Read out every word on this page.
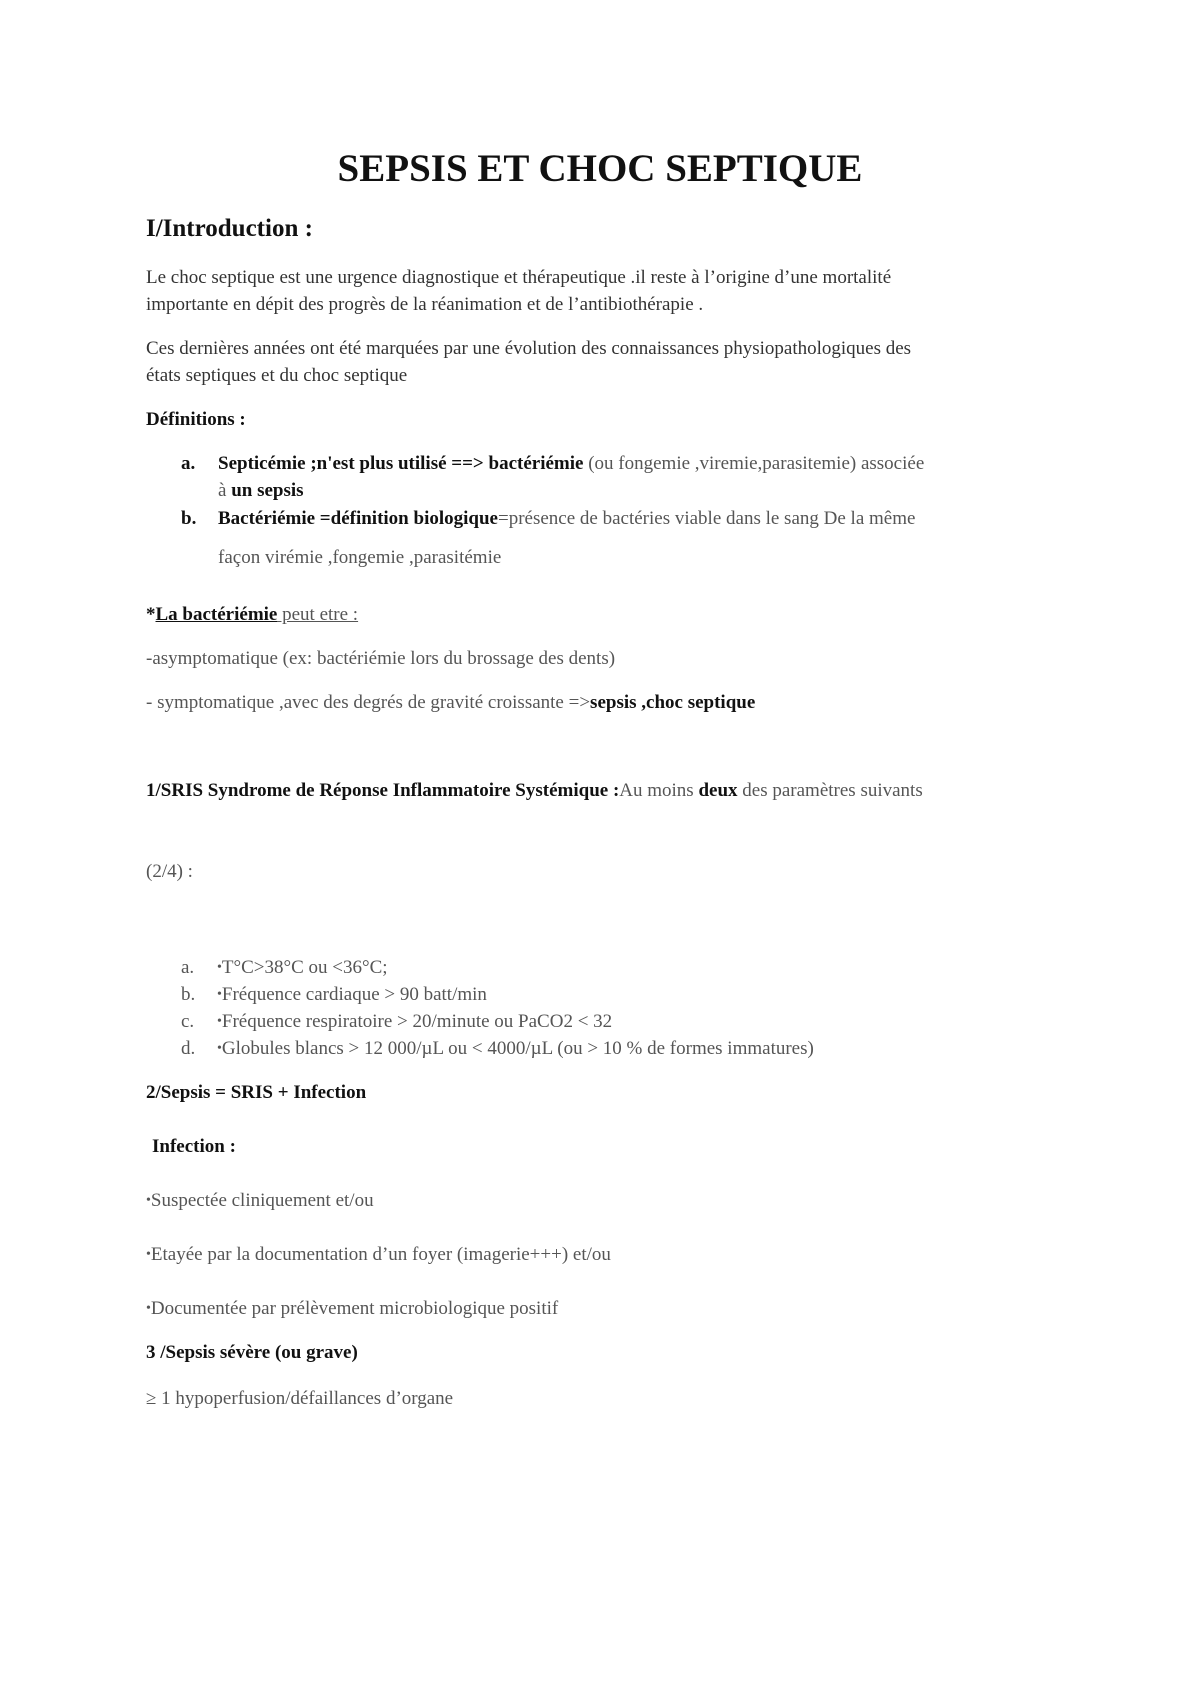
SEPSIS ET CHOC SEPTIQUE
I/Introduction :
Le choc septique est une urgence diagnostique et thérapeutique .il reste à l’origine d’une mortalité
importante en dépit des progrès de la réanimation et de l’antibiothérapie .
Ces dernières années ont été marquées par une évolution des connaissances physiopathologiques des
états septiques et du choc septique
Définitions :
a. Septicémie ;n'est plus utilisé ==> bactériémie (ou fongemie ,viremie,parasitemie) associée
à un sepsis
b. Bactériémie =définition biologique=présence de bactéries viable dans le sang De la même
façon virémie ,fongemie ,parasitémie
*La bactériémie peut etre :
-asymptomatique (ex: bactériémie lors du brossage des dents)
- symptomatique ,avec des degrés de gravité croissante =>sepsis ,choc septique
1/SRIS Syndrome de Réponse Inflammatoire Systémique :Au moins deux des paramètres suivants
(2/4) :
a. •T°C>38°C ou <36°C;
b. •Fréquence cardiaque > 90 batt/min
c. •Fréquence respiratoire > 20/minute ou PaCO2 < 32
d. •Globules blancs > 12 000/µL ou < 4000/µL (ou > 10 % de formes immatures)
2/Sepsis = SRIS + Infection
Infection :
•Suspectée cliniquement et/ou
•Etayée par la documentation d’un foyer (imagerie+++) et/ou
•Documentée par prélèvement microbiologique positif
3 /Sepsis sévère (ou grave)
≥ 1 hypoperfusion/défaillances d’organe
